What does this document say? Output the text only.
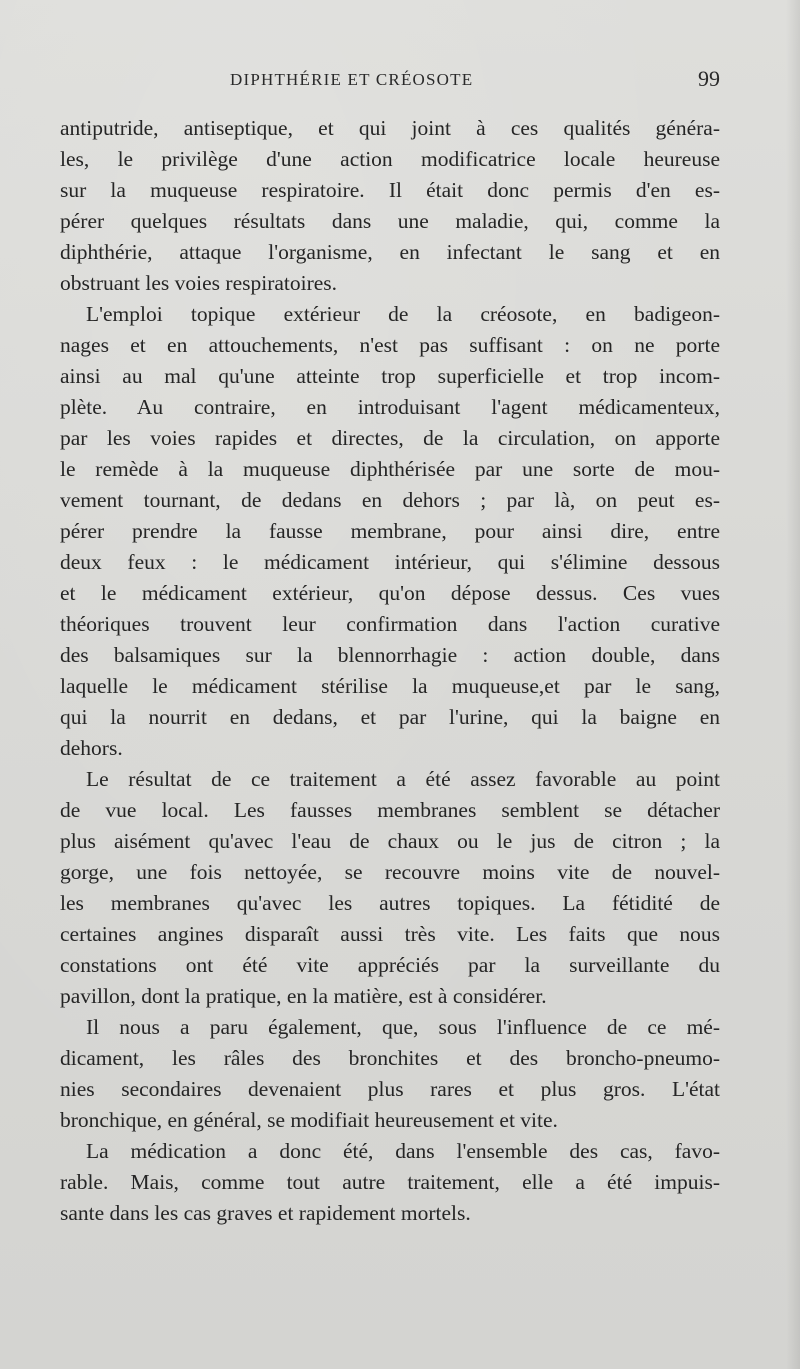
DIPHTHÉRIE ET CRÉOSOTE	99
antiputride, antiseptique, et qui joint à ces qualités généra-
les, le privilège d'une action modificatrice locale heureuse
sur la muqueuse respiratoire. Il était donc permis d'en es-
pérer quelques résultats dans une maladie, qui, comme la
diphthérie, attaque l'organisme, en infectant le sang et en
obstruant les voies respiratoires.
L'emploi topique extérieur de la créosote, en badigeon-
nages et en attouchements, n'est pas suffisant : on ne porte
ainsi au mal qu'une atteinte trop superficielle et trop incom-
plète. Au contraire, en introduisant l'agent médicamenteux,
par les voies rapides et directes, de la circulation, on apporte
le remède à la muqueuse diphthérisée par une sorte de mou-
vement tournant, de dedans en dehors ; par là, on peut es-
pérer prendre la fausse membrane, pour ainsi dire, entre
deux feux : le médicament intérieur, qui s'élimine dessous
et le médicament extérieur, qu'on dépose dessus. Ces vues
théoriques trouvent leur confirmation dans l'action curative
des balsamiques sur la blennorrhagie : action double, dans
laquelle le médicament stérilise la muqueuse,et par le sang,
qui la nourrit en dedans, et par l'urine, qui la baigne en
dehors.
Le résultat de ce traitement a été assez favorable au point
de vue local. Les fausses membranes semblent se détacher
plus aisément qu'avec l'eau de chaux ou le jus de citron ; la
gorge, une fois nettoyée, se recouvre moins vite de nouvel-
les membranes qu'avec les autres topiques. La fétidité de
certaines angines disparaît aussi très vite. Les faits que nous
constations ont été vite appréciés par la surveillante du
pavillon, dont la pratique, en la matière, est à considérer.
Il nous a paru également, que, sous l'influence de ce mé-
dicament, les râles des bronchites et des broncho-pneumo-
nies secondaires devenaient plus rares et plus gros. L'état
bronchique, en général, se modifiait heureusement et vite.
La médication a donc été, dans l'ensemble des cas, favo-
rable. Mais, comme tout autre traitement, elle a été impuis-
sante dans les cas graves et rapidement mortels.
